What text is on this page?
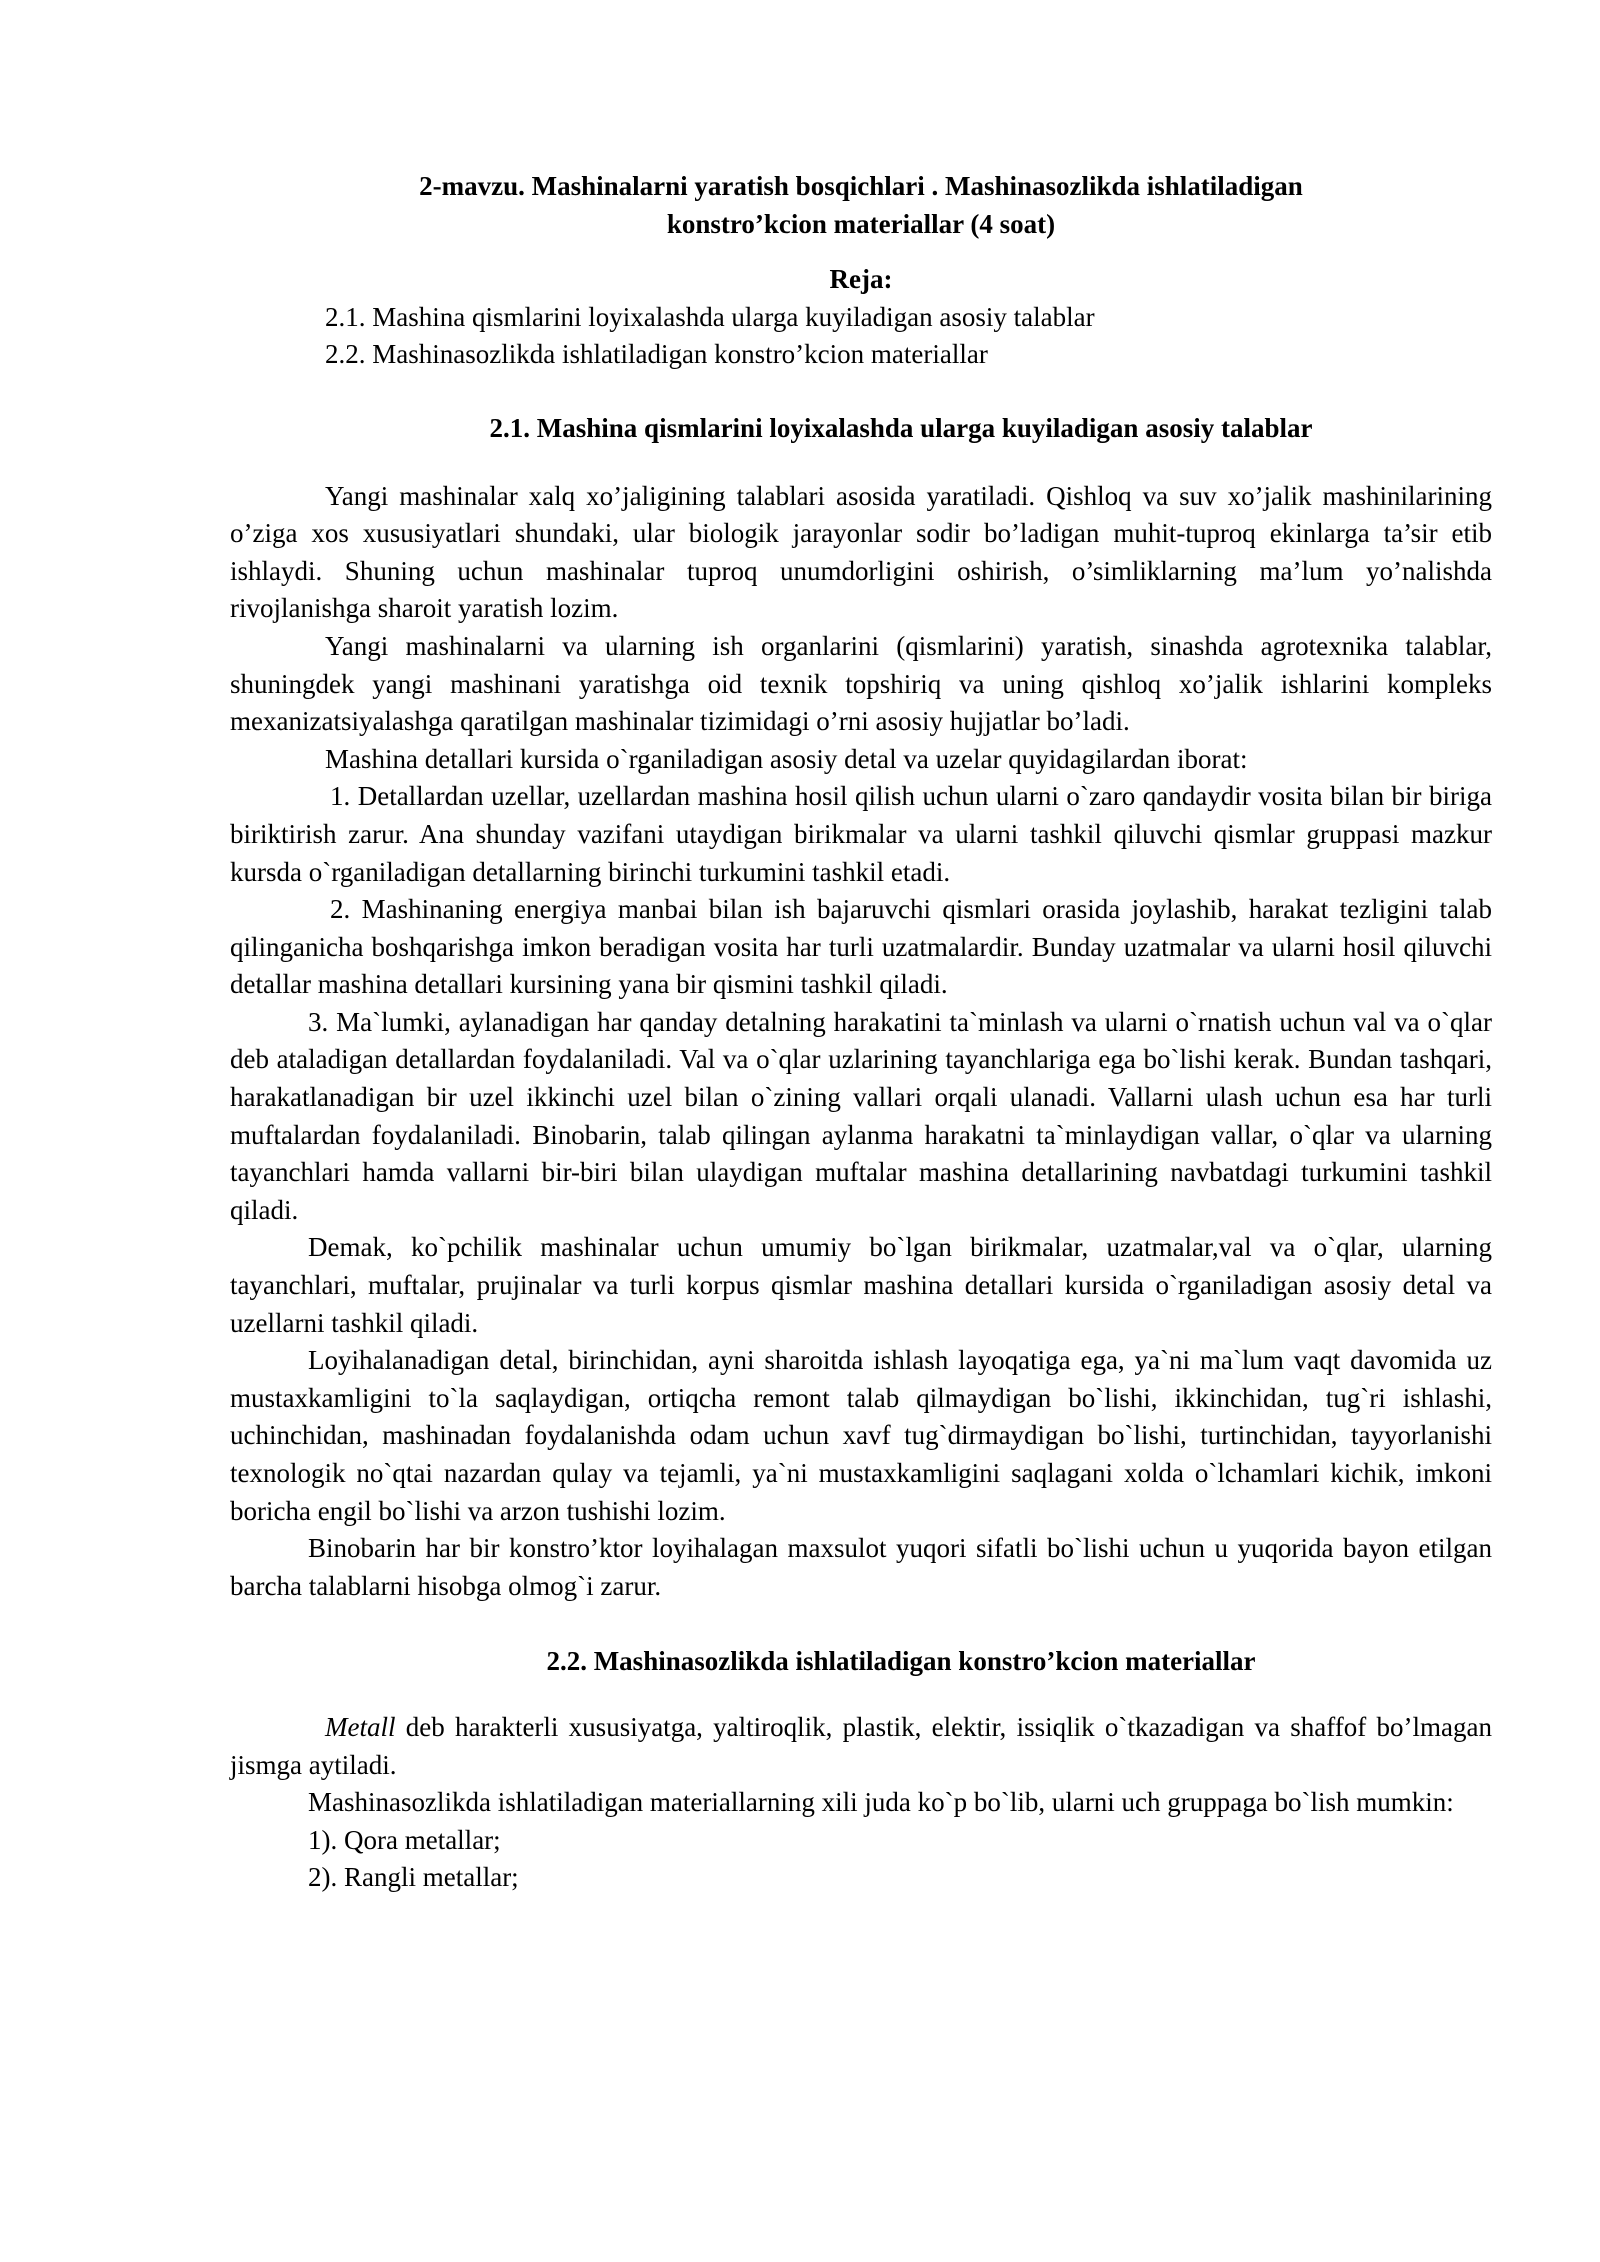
2-mavzu. Mashinalarni yaratish bosqichlari . Mashinasozlikda ishlatiladigan
konstro’kcion materiallar (4 soat)

Reja:

2.1. Mashina qismlarini loyixalashda ularga kuyiladigan asosiy talablar
2.2. Mashinasozlikda ishlatiladigan konstro’kcion materiallar

2.1. Mashina qismlarini loyixalashda ularga kuyiladigan asosiy talablar

Yangi mashinalar xalq xo’jaligining talablari asosida yaratiladi. Qishloq va suv xo’jalik mashinilarining o’ziga xos xususiyatlari shundaki, ular biologik jarayonlar sodir bo’ladigan muhit-tuproq ekinlarga ta’sir etib ishlaydi. Shuning uchun mashinalar tuproq unumdorligini oshirish, o’simliklarning ma’lum yo’nalishda rivojlanishga sharoit yaratish lozim.

Yangi mashinalarni va ularning ish organlarini (qismlarini) yaratish, sinashda agrotexnika talablar, shuningdek yangi mashinani yaratishga oid texnik topshiriq va uning qishloq xo’jalik ishlarini kompleks mexanizatsiyalashga qaratilgan mashinalar tizimidagi o’rni asosiy hujjatlar bo’ladi.

Mashina detallari kursida o`rganiladigan asosiy detal va uzelar quyidagilardan iborat:

1. Detallardan uzellar, uzellardan mashina hosil qilish uchun ularni o`zaro qandaydir vosita bilan bir biriga biriktirish zarur. Ana shunday vazifani utaydigan birikmalar va ularni tashkil qiluvchi qismlar gruppasi mazkur kursda o`rganiladigan detallarning birinchi turkumini tashkil etadi.

2. Mashinaning energiya manbai bilan ish bajaruvchi qismlari orasida joylashib, harakat tezligini talab qilinganicha boshqarishga imkon beradigan vosita har turli uzatmalardir. Bunday uzatmalar va ularni hosil qiluvchi detallar mashina detallari kursining yana bir qismini tashkil qiladi.

3. Ma`lumki, aylanadigan har qanday detalning harakatini ta`minlash va ularni o`rnatish uchun val va o`qlar deb ataladigan detallardan foydalaniladi. Val va o`qlar uzlarining tayanchlariga ega bo`lishi kerak. Bundan tashqari, harakatlanadigan bir uzel ikkinchi uzel bilan o`zining vallari orqali ulanadi. Vallarni ulash uchun esa har turli muftalardan foydalaniladi. Binobarin, talab qilingan aylanma harakatni ta`minlaydigan vallar, o`qlar va ularning tayanchlari hamda vallarni bir-biri bilan ulaydigan muftalar mashina detallarining navbatdagi turkumini tashkil qiladi.

Demak, ko`pchilik mashinalar uchun umumiy bo`lgan birikmalar, uzatmalar,val va o`qlar, ularning tayanchlari, muftalar, prujinalar va turli korpus qismlar mashina detallari kursida o`rganiladigan asosiy detal va uzellarni tashkil qiladi.

Loyihalanadigan detal, birinchidan, ayni sharoitda ishlash layoqatiga ega, ya`ni ma`lum vaqt davomida uz mustaxkamligini to`la saqlaydigan, ortiqcha remont talab qilmaydigan bo`lishi, ikkinchidan, tug`ri ishlashi, uchinchidan, mashinadan foydalanishda odam uchun xavf tug`dirmaydigan bo`lishi, turtinchidan, tayyorlanishi texnologik no`qtai nazardan qulay va tejamli, ya`ni mustaxkamligini saqlagani xolda o`lchamlari kichik, imkoni boricha engil bo`lishi va arzon tushishi lozim.

Binobarin har bir konstro’ktor loyihalagan maxsulot yuqori sifatli bo`lishi uchun u yuqorida bayon etilgan barcha talablarni hisobga olmog`i zarur.

2.2. Mashinasozlikda ishlatiladigan konstro’kcion materiallar

Metall deb harakterli xususiyatga, yaltiroqlik, plastik, elektir, issiqlik o`tkazadigan va shaffof bo’lmagan jismga aytiladi.

Mashinasozlikda ishlatiladigan materiallarning xili juda ko`p bo`lib, ularni uch gruppaga bo`lish mumkin:

1). Qora metallar;
2). Rangli metallar;
